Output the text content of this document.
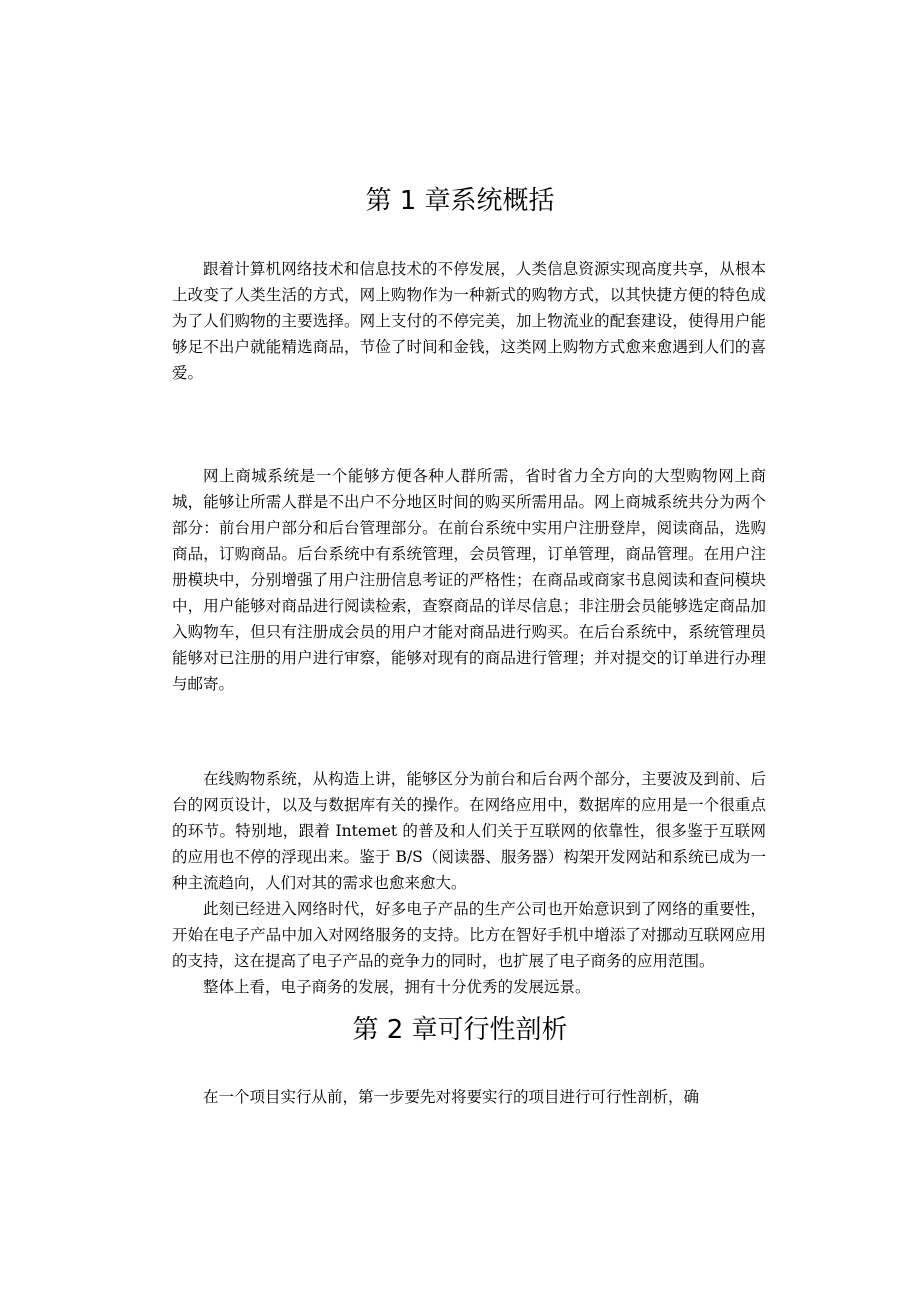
第 1 章系统概括

跟着计算机网络技术和信息技术的不停发展，人类信息资源实现高度共享，从根本上改变了人类生活的方式，网上购物作为一种新式的购物方式，以其快捷方便的特色成为了人们购物的主要选择。网上支付的不停完美，加上物流业的配套建设，使得用户能够足不出户就能精选商品，节俭了时间和金钱，这类网上购物方式愈来愈遇到人们的喜爱。

网上商城系统是一个能够方便各种人群所需，省时省力全方向的大型购物网上商城，能够让所需人群是不出户不分地区时间的购买所需用品。网上商城系统共分为两个部分：前台用户部分和后台管理部分。在前台系统中实用户注册登岸，阅读商品，选购商品，订购商品。后台系统中有系统管理，会员管理，订单管理，商品管理。在用户注册模块中，分别增强了用户注册信息考证的严格性；在商品或商家书息阅读和查问模块中，用户能够对商品进行阅读检索，查察商品的详尽信息；非注册会员能够选定商品加入购物车，但只有注册成会员的用户才能对商品进行购买。在后台系统中，系统管理员能够对已注册的用户进行审察，能够对现有的商品进行管理；并对提交的订单进行办理与邮寄。

在线购物系统，从构造上讲，能够区分为前台和后台两个部分，主要波及到前、后台的网页设计，以及与数据库有关的操作。在网络应用中，数据库的应用是一个很重点的环节。特别地，跟着 Intemet 的普及和人们关于互联网的依靠性，很多鉴于互联网的应用也不停的浮现出来。鉴于 B/S（阅读器、服务器）构架开发网站和系统已成为一种主流趋向，人们对其的需求也愈来愈大。

此刻已经进入网络时代，好多电子产品的生产公司也开始意识到了网络的重要性，开始在电子产品中加入对网络服务的支持。比方在智好手机中增添了对挪动互联网应用的支持，这在提高了电子产品的竞争力的同时，也扩展了电子商务的应用范围。

整体上看，电子商务的发展，拥有十分优秀的发展远景。

第 2 章可行性剖析

在一个项目实行从前，第一步要先对将要实行的项目进行可行性剖析，确
